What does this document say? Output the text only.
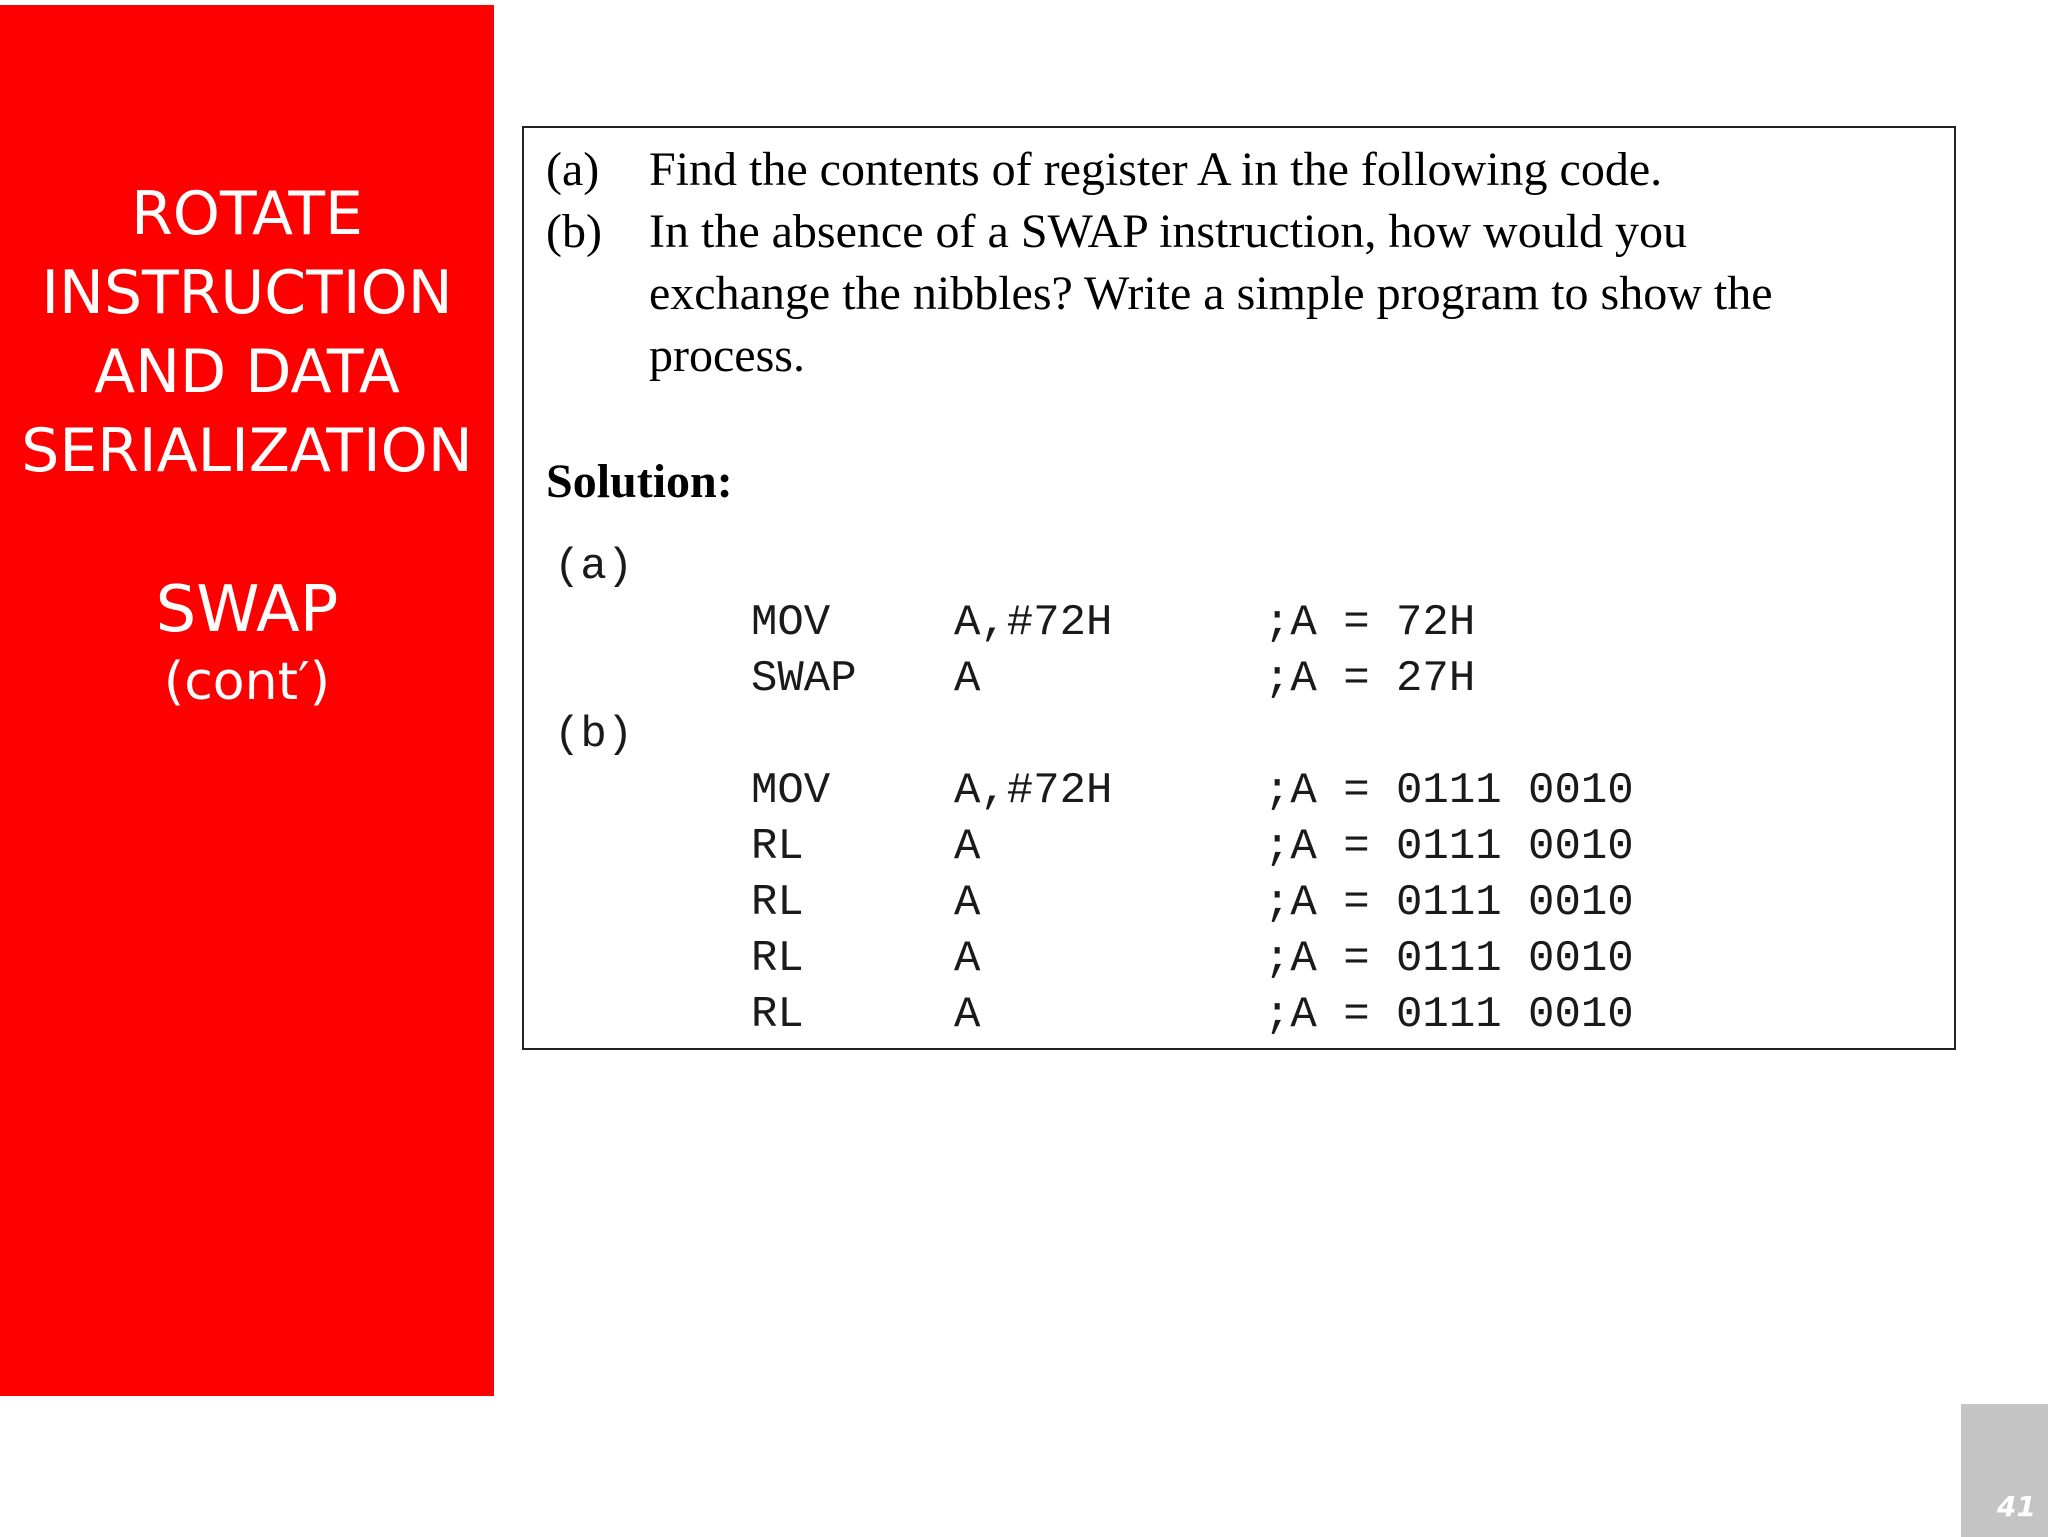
ROTATE
INSTRUCTION
AND DATA
SERIALIZATION
SWAP
(cont′)
(a) Find the contents of register A in the following code.
(b) In the absence of a SWAP instruction, how would you
exchange the nibbles? Write a simple program to show the
process.
Solution:
(a)
MOV	A,#72H	;A = 72H
SWAP A	;A = 27H
(b)
MOV	A,#72H	;A = 0111 0010
RL	A	;A = 0111 0010
RL	A	;A = 0111 0010
RL	A	;A = 0111 0010
RL	A	;A = 0111 0010
41
